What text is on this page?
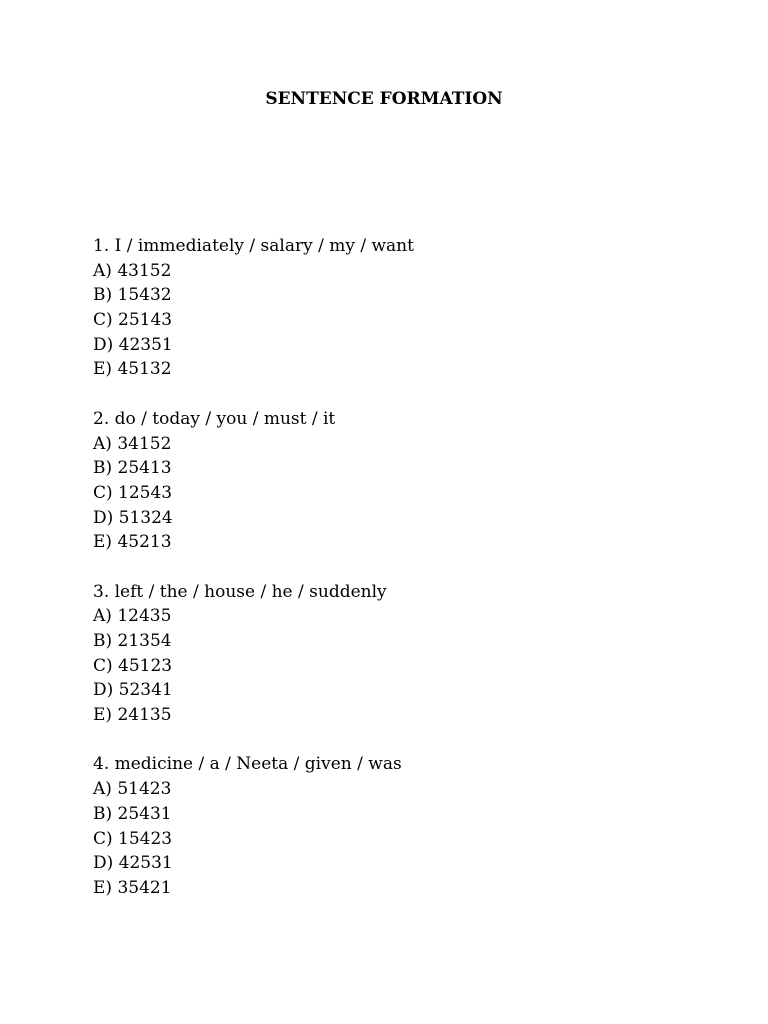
SENTENCE FORMATION
1. I / immediately / salary / my / want
A) 43152
B) 15432
C) 25143
D) 42351
E) 45132
2. do / today / you / must / it
A) 34152
B) 25413
C) 12543
D) 51324
E) 45213
3. left / the / house / he / suddenly
A) 12435
B) 21354
C) 45123
D) 52341
E) 24135
4. medicine / a / Neeta / given / was
A) 51423
B) 25431
C) 15423
D) 42531
E) 35421
